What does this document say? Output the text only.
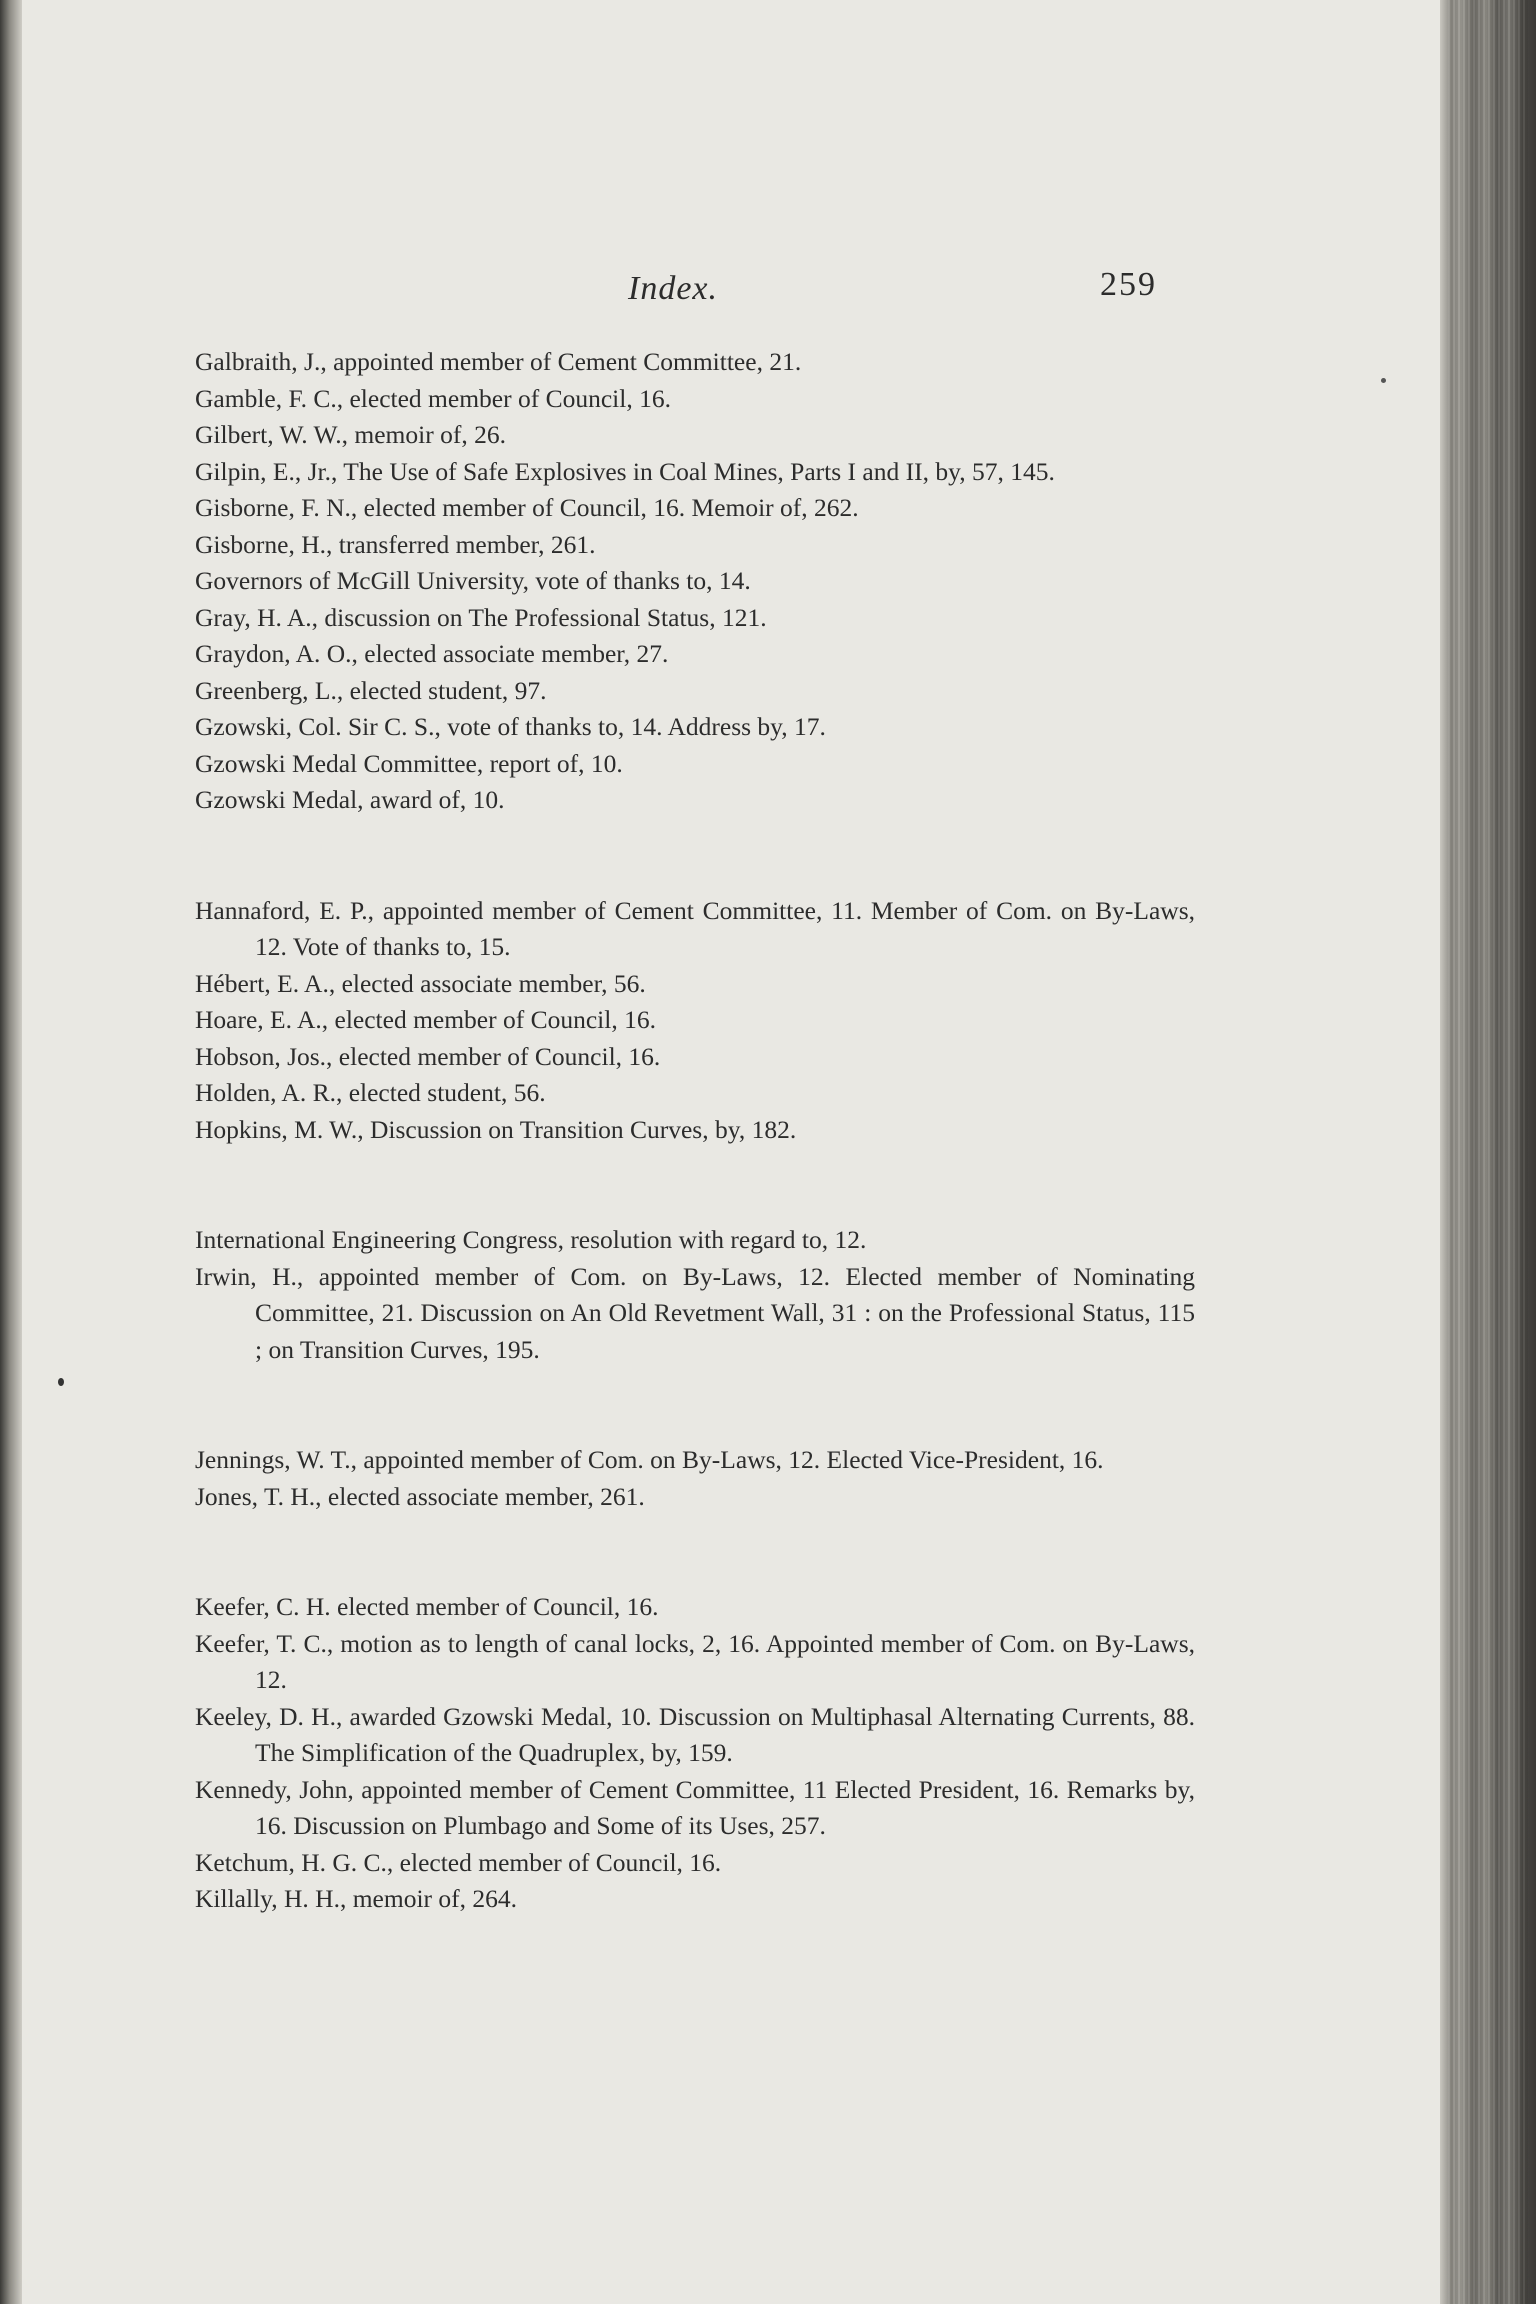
Index.	259
Galbraith, J., appointed member of Cement Committee, 21.
Gamble, F. C., elected member of Council, 16.
Gilbert, W. W., memoir of, 26.
Gilpin, E., Jr., The Use of Safe Explosives in Coal Mines, Parts I and II, by, 57, 145.
Gisborne, F. N., elected member of Council, 16. Memoir of, 262.
Gisborne, H., transferred member, 261.
Governors of McGill University, vote of thanks to, 14.
Gray, H. A., discussion on The Professional Status, 121.
Graydon, A. O., elected associate member, 27.
Greenberg, L., elected student, 97.
Gzowski, Col. Sir C. S., vote of thanks to, 14. Address by, 17.
Gzowski Medal Committee, report of, 10.
Gzowski Medal, award of, 10.
Hannaford, E. P., appointed member of Cement Committee, 11. Member of Com. on By-Laws, 12. Vote of thanks to, 15.
Hébert, E. A., elected associate member, 56.
Hoare, E. A., elected member of Council, 16.
Hobson, Jos., elected member of Council, 16.
Holden, A. R., elected student, 56.
Hopkins, M. W., Discussion on Transition Curves, by, 182.
International Engineering Congress, resolution with regard to, 12.
Irwin, H., appointed member of Com. on By-Laws, 12. Elected member of Nominating Committee, 21. Discussion on An Old Revetment Wall, 31 : on the Professional Status, 115 ; on Transition Curves, 195.
Jennings, W. T., appointed member of Com. on By-Laws, 12. Elected Vice-President, 16.
Jones, T. H., elected associate member, 261.
Keefer, C. H. elected member of Council, 16.
Keefer, T. C., motion as to length of canal locks, 2, 16. Appointed member of Com. on By-Laws, 12.
Keeley, D. H., awarded Gzowski Medal, 10. Discussion on Multiphasal Alternating Currents, 88. The Simplification of the Quadruplex, by, 159.
Kennedy, John, appointed member of Cement Committee, 11 Elected President, 16. Remarks by, 16. Discussion on Plumbago and Some of its Uses, 257.
Ketchum, H. G. C., elected member of Council, 16.
Killally, H. H., memoir of, 264.
